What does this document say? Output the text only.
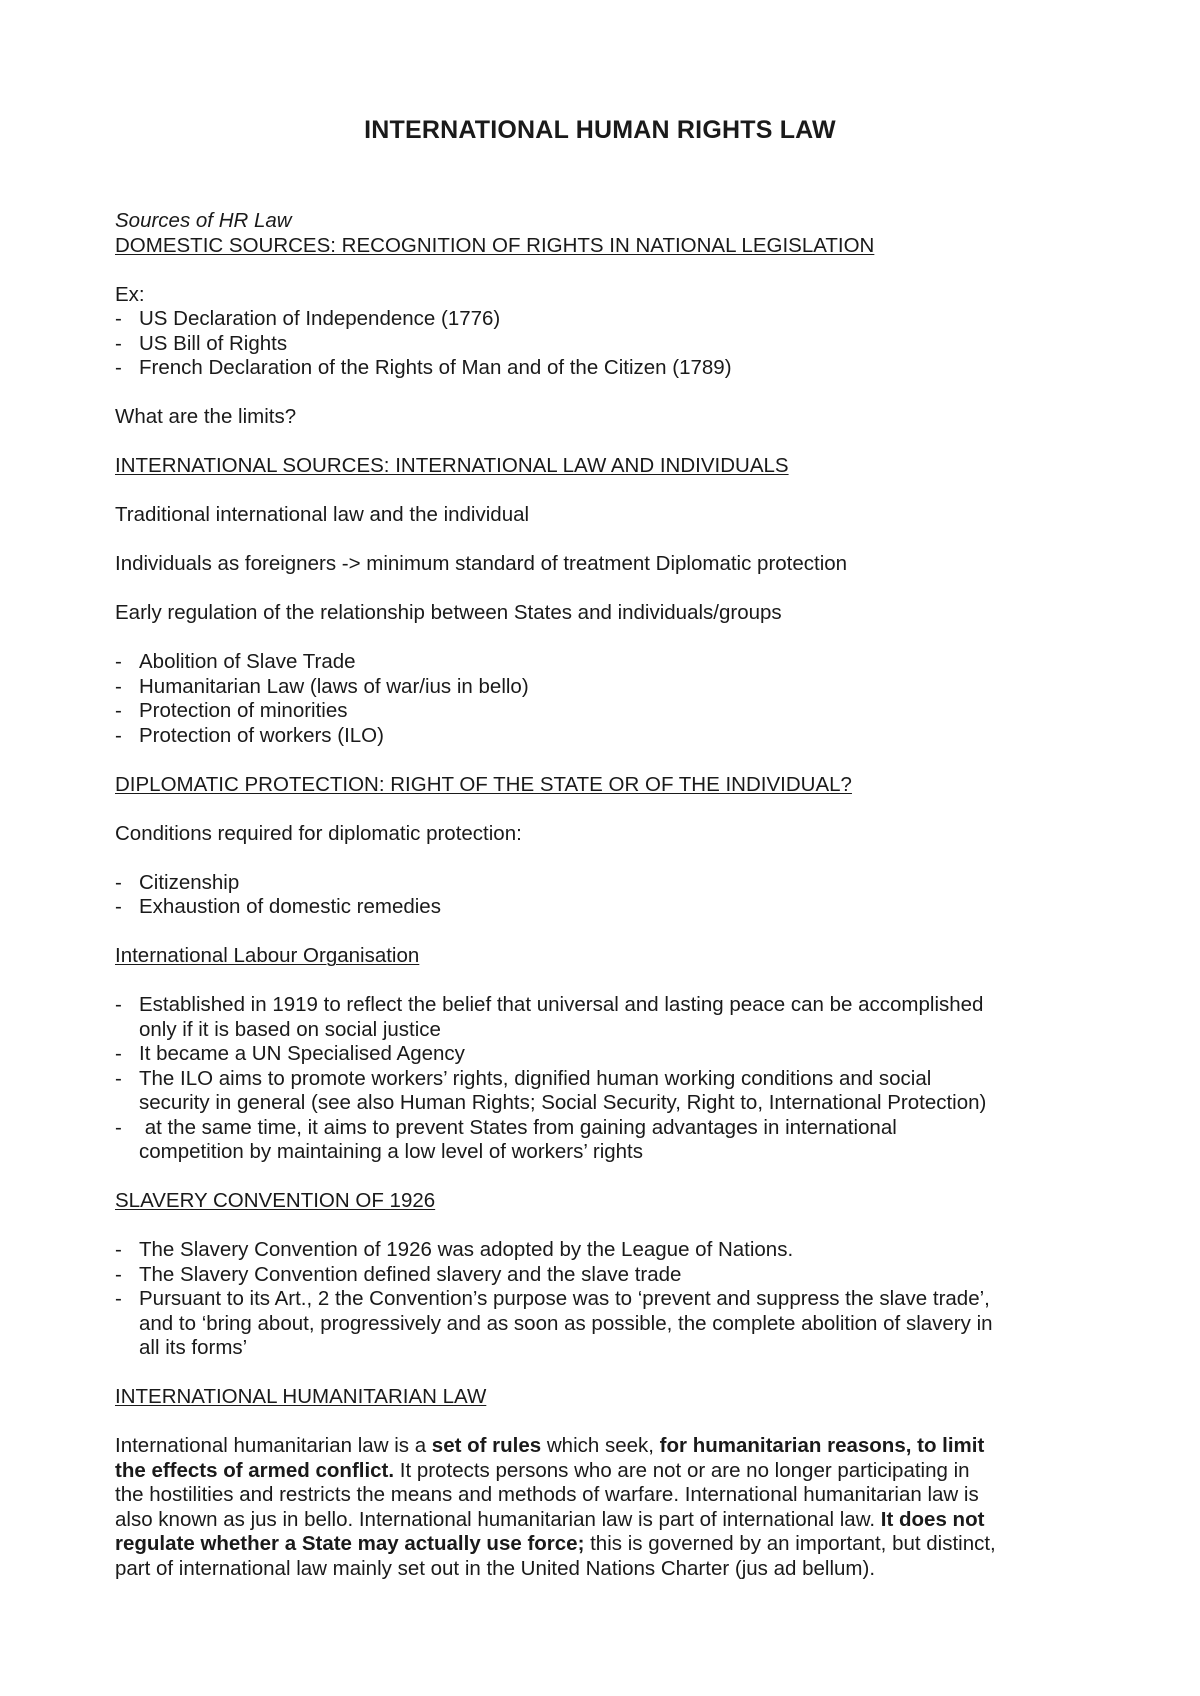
INTERNATIONAL HUMAN RIGHTS LAW

Sources of HR Law

DOMESTIC SOURCES: RECOGNITION OF RIGHTS IN NATIONAL LEGISLATION

Ex:

- US Declaration of Independence (1776)
- US Bill of Rights
- French Declaration of the Rights of Man and of the Citizen (1789)

What are the limits?

INTERNATIONAL SOURCES: INTERNATIONAL LAW AND INDIVIDUALS

Traditional international law and the individual

Individuals as foreigners -> minimum standard of treatment Diplomatic protection

Early regulation of the relationship between States and individuals/groups

- Abolition of Slave Trade
- Humanitarian Law (laws of war/ius in bello)
- Protection of minorities
- Protection of workers (ILO)

DIPLOMATIC PROTECTION: RIGHT OF THE STATE OR OF THE INDIVIDUAL?

Conditions required for diplomatic protection:

- Citizenship
- Exhaustion of domestic remedies

International Labour Organisation

- Established in 1919 to reflect the belief that universal and lasting peace can be accomplished
only if it is based on social justice
- It became a UN Specialised Agency
- The ILO aims to promote workers’ rights, dignified human working conditions and social
security in general (see also Human Rights; Social Security, Right to, International Protection)
-  at the same time, it aims to prevent States from gaining advantages in international
competition by maintaining a low level of workers’ rights

SLAVERY CONVENTION OF 1926

- The Slavery Convention of 1926 was adopted by the League of Nations.
- The Slavery Convention defined slavery and the slave trade
- Pursuant to its Art., 2 the Convention’s purpose was to ‘prevent and suppress the slave trade’,
and to ‘bring about, progressively and as soon as possible, the complete abolition of slavery in
all its forms’

INTERNATIONAL HUMANITARIAN LAW

International humanitarian law is a set of rules which seek, for humanitarian reasons, to limit
the effects of armed conflict. It protects persons who are not or are no longer participating in
the hostilities and restricts the means and methods of warfare. International humanitarian law is
also known as jus in bello. International humanitarian law is part of international law. It does not
regulate whether a State may actually use force; this is governed by an important, but distinct,
part of international law mainly set out in the United Nations Charter (jus ad bellum).
